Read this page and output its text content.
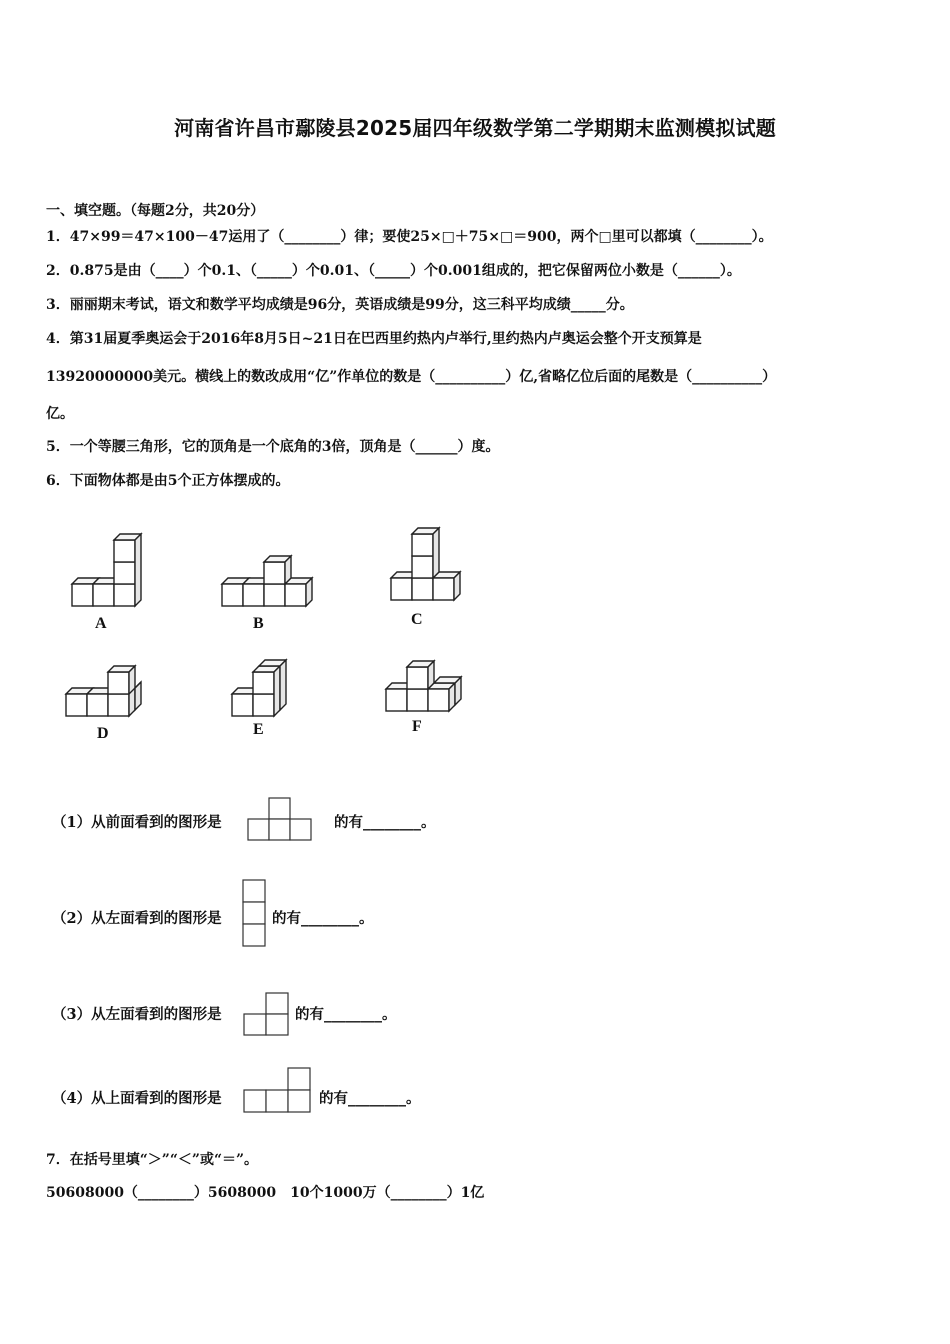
河南省许昌市鄢陵县2025届四年级数学第二学期期末监测模拟试题
一、填空题。（每题2分，共20分）
1．47×99＝47×100－47运用了（________）律；要使25×□＋75×□＝900，两个□里可以都填（________）。
2．0.875是由（____）个0.1、（_____）个0.01、（_____）个0.001组成的，把它保留两位小数是（______）。
3．丽丽期末考试，语文和数学平均成绩是96分，英语成绩是99分，这三科平均成绩_____分。
4．第31届夏季奥运会于2016年8月5日~21日在巴西里约热内卢举行,里约热内卢奥运会整个开支预算是
13920000000美元。横线上的数改成用“亿”作单位的数是（__________）亿,省略亿位后面的尾数是（__________）
亿。
5．一个等腰三角形，它的顶角是一个底角的3倍，顶角是（______）度。
6．下面物体都是由5个正方体摆成的。
A	B	C
D	E	F
（1）从前面看到的图形是	的有________。
（2）从左面看到的图形是	的有________。
（3）从左面看到的图形是	的有________。
（4）从上面看到的图形是	的有________。
7．在括号里填“＞”“＜”或“＝”。
50608000（________）5608000　10个1000万（________）1亿
